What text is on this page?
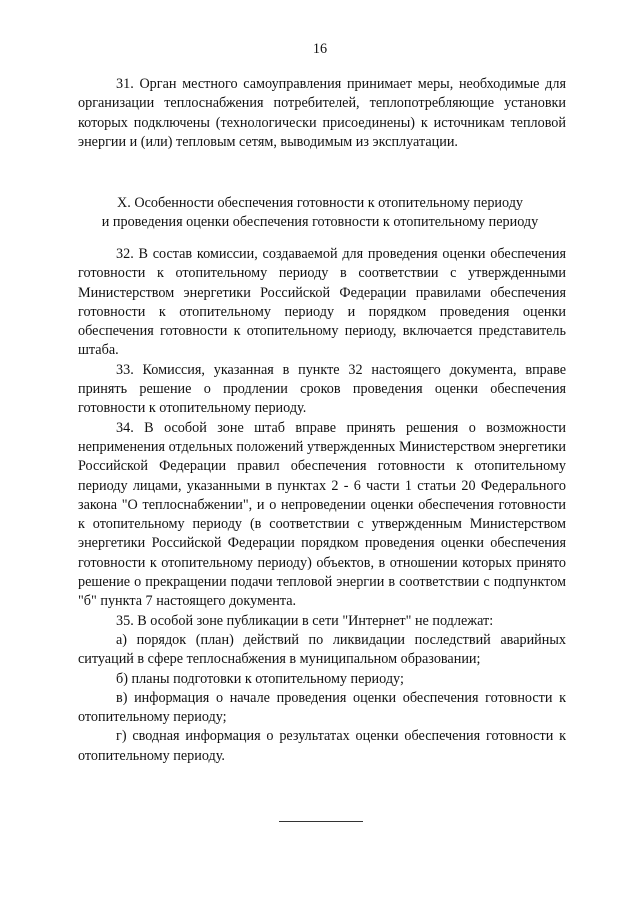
16

31. Орган местного самоуправления принимает меры, необходимые для организации теплоснабжения потребителей, теплопотребляющие установки которых подключены (технологически присоединены) к источникам тепловой энергии и (или) тепловым сетям, выводимым из эксплуатации.

X. Особенности обеспечения готовности к отопительному периоду
и проведения оценки обеспечения готовности к отопительному периоду

32. В состав комиссии, создаваемой для проведения оценки обеспечения готовности к отопительному периоду в соответствии с утвержденными Министерством энергетики Российской Федерации правилами обеспечения готовности к отопительному периоду и порядком проведения оценки обеспечения готовности к отопительному периоду, включается представитель штаба.

33. Комиссия, указанная в пункте 32 настоящего документа, вправе принять решение о продлении сроков проведения оценки обеспечения готовности к отопительному периоду.

34. В особой зоне штаб вправе принять решения о возможности неприменения отдельных положений утвержденных Министерством энергетики Российской Федерации правил обеспечения готовности к отопительному периоду лицами, указанными в пунктах 2 - 6 части 1 статьи 20 Федерального закона "О теплоснабжении", и о непроведении оценки обеспечения готовности к отопительному периоду (в соответствии с утвержденным Министерством энергетики Российской Федерации порядком проведения оценки обеспечения готовности к отопительному периоду) объектов, в отношении которых принято решение о прекращении подачи тепловой энергии в соответствии с подпунктом "б" пункта 7 настоящего документа.

35. В особой зоне публикации в сети "Интернет" не подлежат:

а) порядок (план) действий по ликвидации последствий аварийных ситуаций в сфере теплоснабжения в муниципальном образовании;

б) планы подготовки к отопительному периоду;

в) информация о начале проведения оценки обеспечения готовности к отопительному периоду;

г) сводная информация о результатах оценки обеспечения готовности к отопительному периоду.
